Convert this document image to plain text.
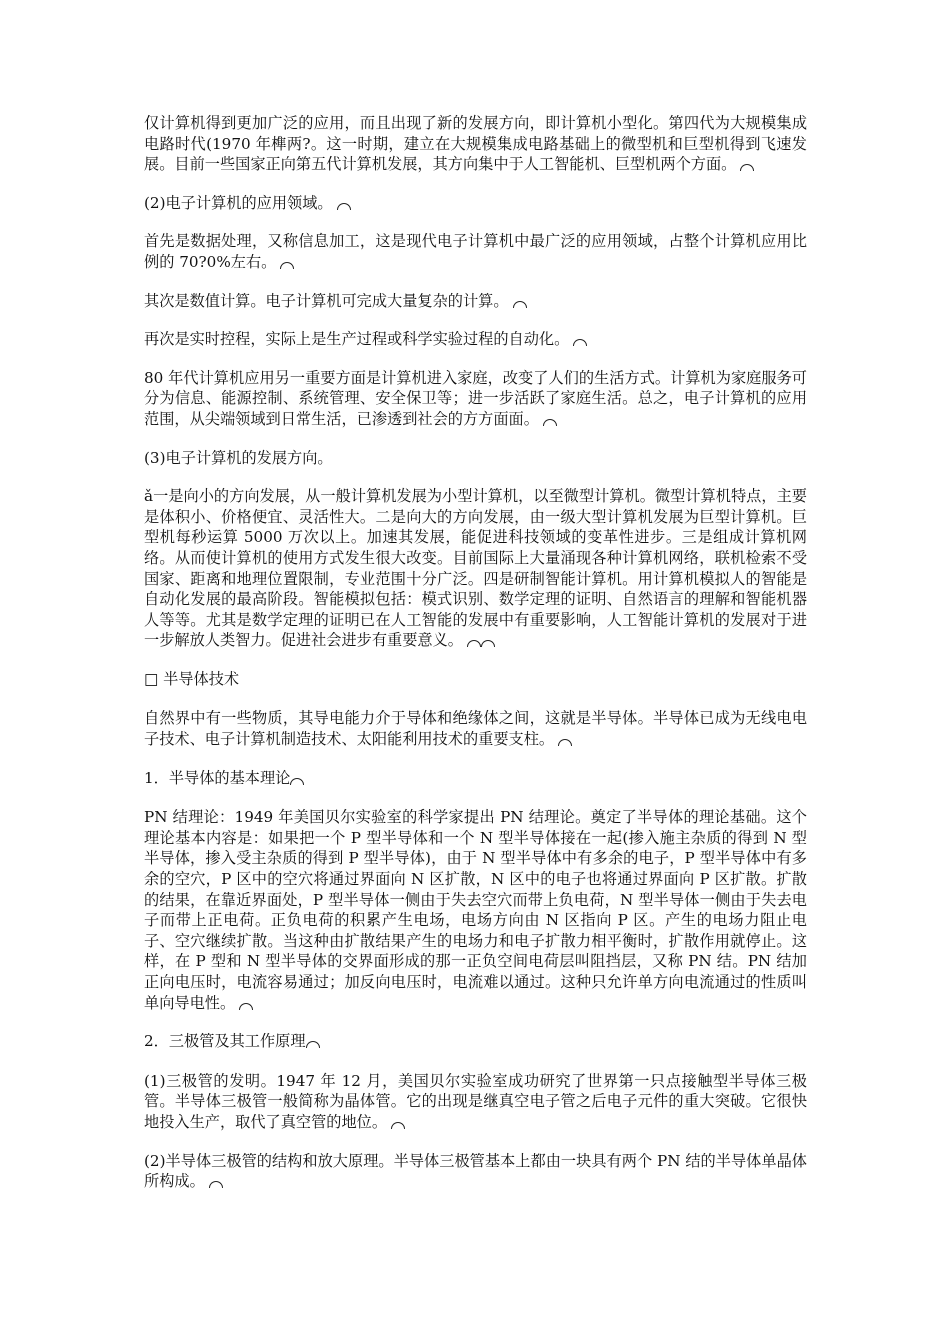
仅计算机得到更加广泛的应用，而且出现了新的发展方向，即计算机小型化。第四代为大规模集成电路时代(1970 年榫两?。这一时期，建立在大规模集成电路基础上的微型机和巨型机得到飞速发展。目前一些国家正向第五代计算机发展，其方向集中于人工智能机、巨型机两个方面。

(2)电子计算机的应用领域。

首先是数据处理，又称信息加工，这是现代电子计算机中最广泛的应用领域，占整个计算机应用比例的 70?0%左右。

其次是数值计算。电子计算机可完成大量复杂的计算。

再次是实时控程，实际上是生产过程或科学实验过程的自动化。

80 年代计算机应用另一重要方面是计算机进入家庭，改变了人们的生活方式。计算机为家庭服务可分为信息、能源控制、系统管理、安全保卫等；进一步活跃了家庭生活。总之，电子计算机的应用范围，从尖端领域到日常生活，已渗透到社会的方方面面。

(3)电子计算机的发展方向。

ǎ一是向小的方向发展，从一般计算机发展为小型计算机，以至微型计算机。微型计算机特点，主要是体积小、价格便宜、灵活性大。二是向大的方向发展，由一级大型计算机发展为巨型计算机。巨型机每秒运算 5000 万次以上。加速其发展，能促进科技领域的变革性进步。三是组成计算机网络。从而使计算机的使用方式发生很大改变。目前国际上大量涌现各种计算机网络，联机检索不受国家、距离和地理位置限制，专业范围十分广泛。四是研制智能计算机。用计算机模拟人的智能是自动化发展的最高阶段。智能模拟包括：模式识别、数学定理的证明、自然语言的理解和智能机器人等等。尤其是数学定理的证明已在人工智能的发展中有重要影响，人工智能计算机的发展对于进一步解放人类智力。促进社会进步有重要意义。

□ 半导体技术

自然界中有一些物质，其导电能力介于导体和绝缘体之间，这就是半导体。半导体已成为无线电电子技术、电子计算机制造技术、太阳能利用技术的重要支柱。

1．半导体的基本理论

PN 结理论：1949 年美国贝尔实验室的科学家提出 PN 结理论。奠定了半导体的理论基础。这个理论基本内容是：如果把一个 P 型半导体和一个 N 型半导体接在一起(掺入施主杂质的得到 N 型半导体，掺入受主杂质的得到 P 型半导体)，由于 N 型半导体中有多余的电子，P 型半导体中有多余的空穴，P 区中的空穴将通过界面向 N 区扩散，N 区中的电子也将通过界面向 P 区扩散。扩散的结果，在靠近界面处，P 型半导体一侧由于失去空穴而带上负电荷，N 型半导体一侧由于失去电子而带上正电荷。正负电荷的积累产生电场，电场方向由 N 区指向 P 区。产生的电场力阻止电子、空穴继续扩散。当这种由扩散结果产生的电场力和电子扩散力相平衡时，扩散作用就停止。这样，在 P 型和 N 型半导体的交界面形成的那一正负空间电荷层叫阻挡层，又称 PN 结。PN 结加正向电压时，电流容易通过；加反向电压时，电流难以通过。这种只允许单方向电流通过的性质叫单向导电性。

2．三极管及其工作原理

(1)三极管的发明。1947 年 12 月，美国贝尔实验室成功研究了世界第一只点接触型半导体三极管。半导体三极管一般简称为晶体管。它的出现是继真空电子管之后电子元件的重大突破。它很快地投入生产，取代了真空管的地位。

(2)半导体三极管的结构和放大原理。半导体三极管基本上都由一块具有两个 PN 结的半导体单晶体所构成。
